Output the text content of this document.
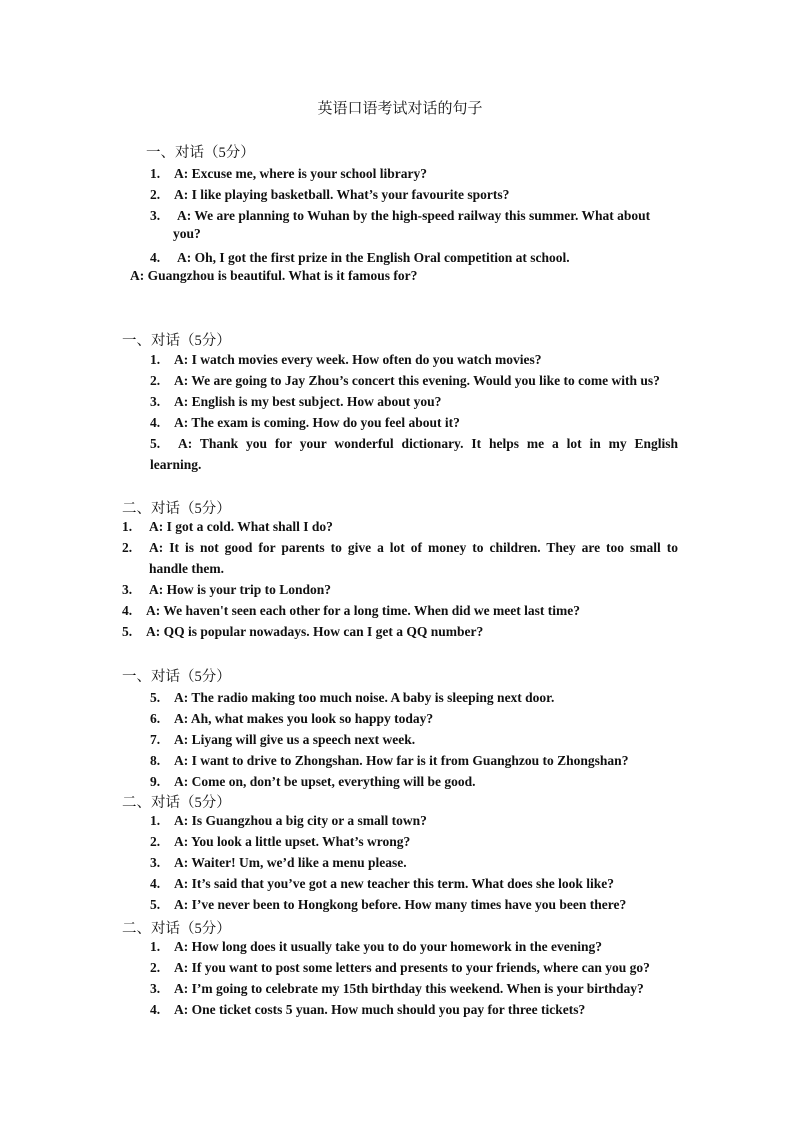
英语口语考试对话的句子
一、对话（5分）
1. A: Excuse me, where is your school library?
2. A: I like playing basketball. What’s your favourite sports?
3. A: We are planning to Wuhan by the high-speed railway this summer. What about
you?
4. A: Oh, I got the first prize in the English Oral competition at school.
A: Guangzhou is beautiful. What is it famous for?
一、对话（5分）
1. A: I watch movies every week. How often do you watch movies?
2. A: We are going to Jay Zhou’s concert this evening. Would you like to come with us?
3. A: English is my best subject. How about you?
4. A: The exam is coming. How do you feel about it?
5.	A: Thank you for your wonderful dictionary. It helps me a lot in my English
learning.
二、对话（5分）
1. A: I got a cold. What shall I do?
2.	A: It is not good for parents to give a lot of money to children. They are too small to
handle them.
3. A: How is your trip to London?
4. A: We haven't seen each other for a long time. When did we meet last time?
5. A: QQ is popular nowadays. How can I get a QQ number?
一、对话（5分）
5. A: The radio making too much noise. A baby is sleeping next door.
6. A: Ah, what makes you look so happy today?
7. A: Liyang will give us a speech next week.
8. A: I want to drive to Zhongshan. How far is it from Guanghzou to Zhongshan?
9. A: Come on, don’t be upset, everything will be good.
二、对话（5分）
1. A: Is Guangzhou a big city or a small town?
2. A: You look a little upset. What’s wrong?
3. A: Waiter! Um, we’d like a menu please.
4. A: It’s said that you’ve got a new teacher this term. What does she look like?
5. A: I’ve never been to Hongkong before. How many times have you been there?
二、对话（5分）
1. A: How long does it usually take you to do your homework in the evening?
2. A: If you want to post some letters and presents to your friends, where can you go?
3. A: I’m going to celebrate my 15th birthday this weekend. When is your birthday?
4. A: One ticket costs 5 yuan. How much should you pay for three tickets?
